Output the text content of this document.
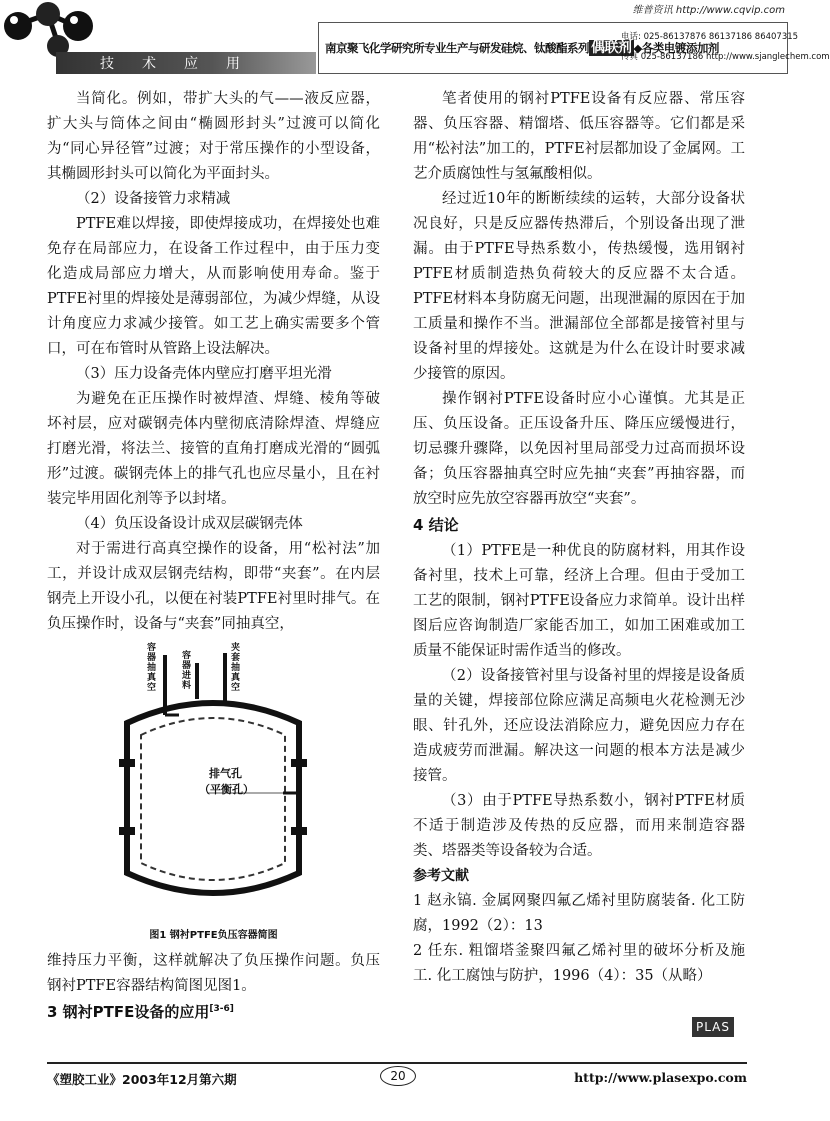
技术应用
维普资讯 http://www.cqvip.com
南京聚飞化学研究所专业生产与研发硅烷、钛酸酯系列 偶联剂 ◆各类电镀添加剂
电话: 025-86137876 86137186 86407315
传真 025-86137186 http://www.sjanglechem.com

当简化。例如，带扩大头的气——液反应器，扩大头与筒体之间由“椭圆形封头”过渡可以简化为“同心异径管”过渡；对于常压操作的小型设备，其椭圆形封头可以简化为平面封头。

（2）设备接管力求精减

PTFE难以焊接，即使焊接成功，在焊接处也难免存在局部应力，在设备工作过程中，由于压力变化造成局部应力增大，从而影响使用寿命。鉴于PTFE衬里的焊接处是薄弱部位，为减少焊缝，从设计角度应力求减少接管。如工艺上确实需要多个管口，可在布管时从管路上设法解决。

（3）压力设备壳体内壁应打磨平坦光滑

为避免在正压操作时被焊渣、焊缝、棱角等破坏衬层，应对碳钢壳体内壁彻底清除焊渣、焊缝应打磨光滑，将法兰、接管的直角打磨成光滑的“圆弧形”过渡。碳钢壳体上的排气孔也应尽量小，且在衬装完毕用固化剂等予以封堵。

（4）负压设备设计成双层碳钢壳体

对于需进行高真空操作的设备，用“松衬法”加工，并设计成双层钢壳结构，即带“夹套”。在内层钢壳上开设小孔，以便在衬装PTFE衬里时排气。在负压操作时，设备与“夹套”同抽真空，

容器抽真空
容器进料
夹套抽真空
排气孔
（平衡孔）
图1 钢衬PTFE负压容器简图

维持压力平衡，这样就解决了负压操作问题。负压钢衬PTFE容器结构简图见图1。

3 钢衬PTFE设备的应用[3-6]

笔者使用的钢衬PTFE设备有反应器、常压容器、负压容器、精馏塔、低压容器等。它们都是采用“松衬法”加工的，PTFE衬层都加设了金属网。工艺介质腐蚀性与氢氟酸相似。

经过近10年的断断续续的运转，大部分设备状况良好，只是反应器传热滞后，个别设备出现了泄漏。由于PTFE导热系数小，传热缓慢，选用钢衬PTFE材质制造热负荷较大的反应器不太合适。PTFE材料本身防腐无问题，出现泄漏的原因在于加工质量和操作不当。泄漏部位全部都是接管衬里与设备衬里的焊接处。这就是为什么在设计时要求减少接管的原因。

操作钢衬PTFE设备时应小心谨慎。尤其是正压、负压设备。正压设备升压、降压应缓慢进行，切忌骤升骤降，以免因衬里局部受力过高而损坏设备；负压容器抽真空时应先抽“夹套”再抽容器，而放空时应先放空容器再放空“夹套”。

4 结论

（1）PTFE是一种优良的防腐材料，用其作设备衬里，技术上可靠，经济上合理。但由于受加工工艺的限制，钢衬PTFE设备应力求简单。设计出样图后应咨询制造厂家能否加工，如加工困难或加工质量不能保证时需作适当的修改。

（2）设备接管衬里与设备衬里的焊接是设备质量的关键，焊接部位除应满足高频电火花检测无沙眼、针孔外，还应设法消除应力，避免因应力存在造成疲劳而泄漏。解决这一问题的根本方法是减少接管。

（3）由于PTFE导热系数小，钢衬PTFE材质不适于制造涉及传热的反应器，而用来制造容器类、塔器类等设备较为合适。

参考文献

1 赵永镐. 金属网聚四氟乙烯衬里防腐装备. 化工防腐，1992（2）：13

2 任东. 粗馏塔釜聚四氟乙烯衬里的破坏分析及施工. 化工腐蚀与防护，1996（4）：35（从略）

PLAS
《塑胶工业》2003年12月第六期	20	http://www.plasexpo.com
